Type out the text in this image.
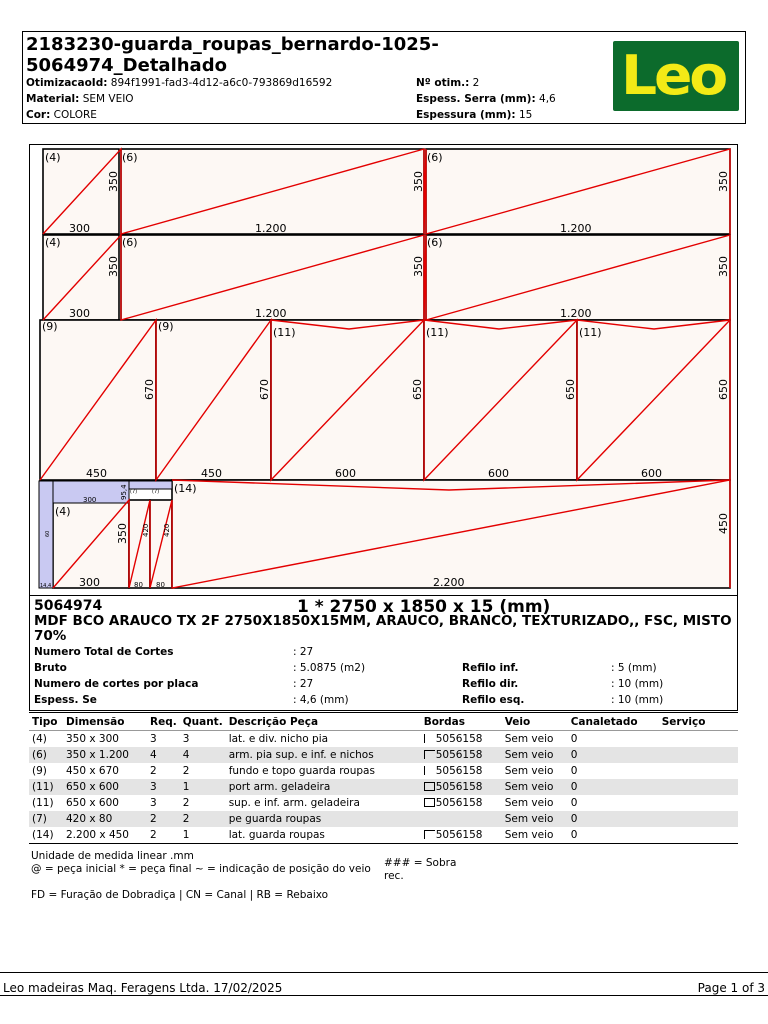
2183230-guarda_roupas_bernardo-1025-5064974_Detalhado
OtimizacaoId: 894f1991-fad3-4d12-a6c0-793869d16592
Material: SEM VEIO
Cor: COLORE
Nº otim.: 2
Espess. Serra (mm): 4,6
Espessura (mm): 15
Leo
(4)	(6)	(6)
350	350	350
300	1.200	1.200
(4)	(6)	(6)
350	350	350
300	1.200	1.200
(9)	(9)	(11)	(11)	(11)
670	670	650	650	650
450	450	600	600	600
(14)
(4)
350 420 420	450
300	80 80	2.200
300	95,4 (7)	(7)
60
14,4
5064974	1 * 2750 x 1850 x 15 (mm)
MDF BCO ARAUCO TX 2F 2750X1850X15MM, ARAUCO, BRANCO, TEXTURIZADO,, FSC, MISTO 70%
Numero Total de Cortes	: 27
Bruto	: 5.0875 (m2)
Numero de cortes por placa	: 27
Espess. Se	: 4,6 (mm)
Refilo inf.	: 5 (mm)
Refilo dir.	: 10 (mm)
Refilo esq.	: 10 (mm)
Tipo	Dimensão	Req.	Quant.	Descrição Peça	Bordas	Veio	Canaletado	Serviço
(4)	350 x 300	3	3	lat. e div. nicho pia	5056158	Sem veio	0	
(6)	350 x 1.200	4	4	arm. pia sup. e inf. e nichos	5056158	Sem veio	0	
(9)	450 x 670	2	2	fundo e topo guarda roupas	5056158	Sem veio	0	
(11)	650 x 600	3	1	port arm. geladeira	5056158	Sem veio	0	
(11)	650 x 600	3	2	sup. e inf. arm. geladeira	5056158	Sem veio	0	
(7)	420 x 80	2	2	pe guarda roupas		Sem veio	0	
(14)	2.200 x 450	2	1	lat. guarda roupas	5056158	Sem veio	0	
Unidade de medida linear .mm
@ = peça inicial * = peça final ~ = indicação de posição do veio
FD = Furação de Dobradiça | CN = Canal | RB = Rebaixo
### = Sobra rec.
Leo madeiras Maq. Feragens Ltda. 17/02/2025	Page 1 of 3
